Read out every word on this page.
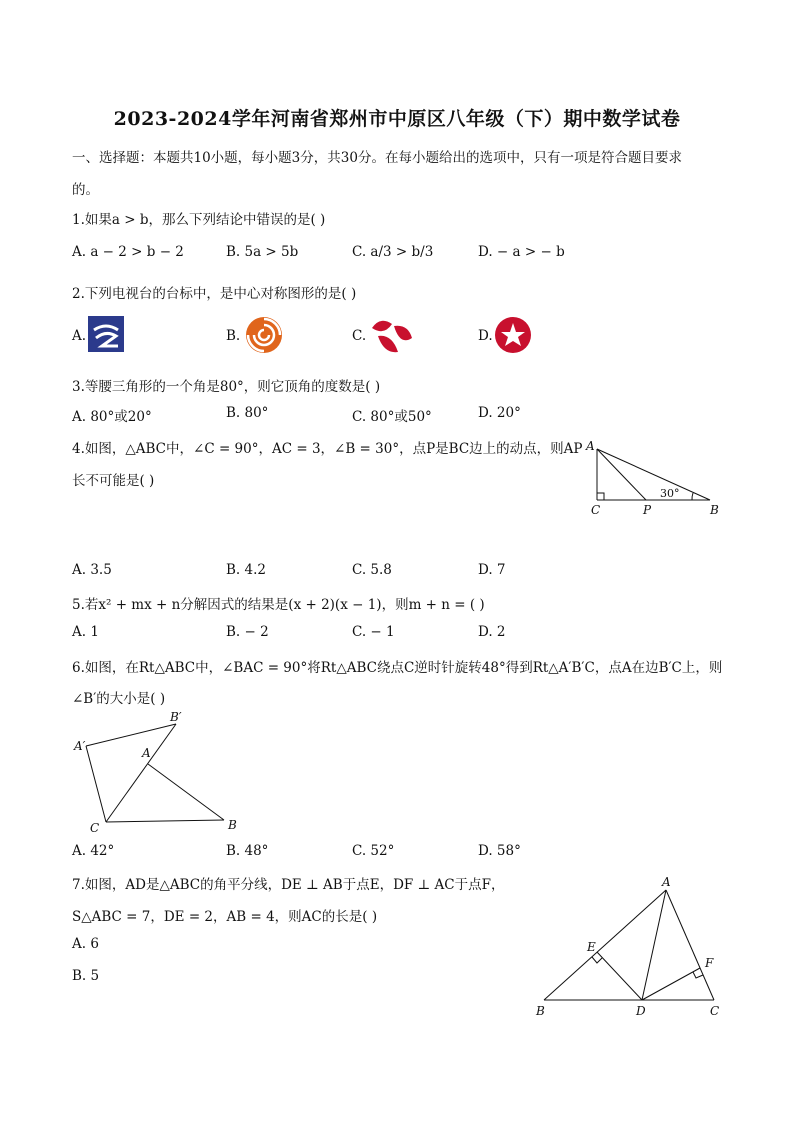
2023-2024学年河南省郑州市中原区八年级（下）期中数学试卷
一、选择题：本题共10小题，每小题3分，共30分。在每小题给出的选项中，只有一项是符合题目要求
的。
1.如果a > b，那么下列结论中错误的是( )
A. a − 2 > b − 2	B. 5a > 5b	C. a/3 > b/3	D. − a > − b
2.下列电视台的台标中，是中心对称图形的是( )
A.	B.	C.	D.
3.等腰三角形的一个角是80°，则它顶角的度数是( )
A. 80°或20°	B. 80°	C. 80°或50°	D. 20°
4.如图，△ABC中，∠C = 90°，AC = 3，∠B = 30°，点P是BC边上的动点，则AP
长不可能是( )
A
C	P	B
30°
A. 3.5	B. 4.2	C. 5.8	D. 7
5.若x² + mx + n分解因式的结果是(x + 2)(x − 1)，则m + n = ( )
A. 1	B. − 2	C. − 1	D. 2
6.如图，在Rt△ABC中，∠BAC = 90°将Rt△ABC绕点C逆时针旋转48°得到Rt△A′B′C，点A在边B′C上，则
∠B′的大小是( )
A′
B′
A
C	B
A. 42°	B. 48°	C. 52°	D. 58°
7.如图，AD是△ABC的角平分线，DE ⊥ AB于点E，DF ⊥ AC于点F，
S△ABC = 7，DE = 2，AB = 4，则AC的长是( )
A. 6
B. 5
A
B	D	C
E
F
